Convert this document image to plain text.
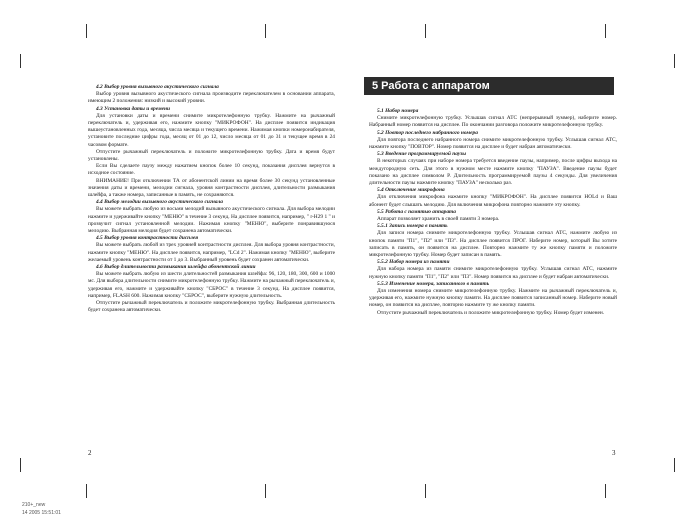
4.2 Выбор уровня вызывного акустического сигнала

Выбор уровня вызывного акустического сигнала производите переключателем в основании аппарата, имеющим 2 положения: низкий и высокий уровни.

4.3 Установка даты и времени

Для установки даты и времени снимите микротелефонную трубку. Нажмите на рычажный переключатель и, удерживая его, нажмите кнопку "МИКРОФОН". На дисплее появится индикация вышеустановленных года, месяца, числа месяца и текущего времени. Нажимая кнопки номеронабирателя, установите последние цифры года, месяц от 01 до 12, число месяца от 01 до 31 и текущее время в 24 часовом формате.

Отпустите рычажный переключатель и положите микротелефонную трубку. Дата и время будут установлены.

Если Вы сделаете паузу между нажатием кнопок более 10 секунд, показания дисплея вернутся в исходное состояние.

ВНИМАНИЕ! При отключении ТА от абонентской линии на время более 30 секунд установленные значения даты и времени, мелодии сигнала, уровня контрастности дисплея, длительности размыкания шлейфа, а также номера, записанные в память, не сохраняются.

4.4 Выбор мелодии вызывного акустического сигнала

Вы можете выбрать любую из восьми мелодий вызывного акустического сигнала. Для выбора мелодии нажмите и удерживайте кнопку "МЕНЮ" в течение 3 секунд. На дисплее появится, например, " r-H29 1 " и прозвучит сигнал установленной мелодии. Нажимая кнопку "МЕНЮ", выберите понравившуюся мелодию. Выбранная мелодия будет сохранена автоматически.

4.5 Выбор уровня контрастности дисплея

Вы можете выбрать любой из трех уровней контрастности дисплея. Для выбора уровня контрастности, нажмите кнопку "МЕНЮ". На дисплее появится, например, "LCd 2". Нажимая кнопку "МЕНЮ", выберите желаемый уровень контрастности от 1 до 3. Выбранный уровень будет сохранен автоматически.

4.6 Выбор длительности размыкания шлейфа абонентской линии

Вы можете выбрать любую из шести длительностей размыкания шлейфа: 96, 120, 180, 300, 600 и 1000 мс. Для выбора длительности снимите микротелефонную трубку. Нажмите на рычажный переключатель и, удерживая его, нажмите и удерживайте кнопку "СБРОС" в течение 3 секунд. На дисплее появится, например, FLASH 600. Нажимая кнопку "СБРОС", выберите нужную длительность.

Отпустите рычажный переключатель и положите микротелефонную трубку. Выбранная длительность будет сохранена автоматически.

5 Работа с аппаратом

5.1 Набор номера

Снимите микротелефонную трубку. Услышав сигнал АТС (непрерывный зуммер), наберите номер. Набранный номер появится на дисплее. По окончании разговора положите микротелефонную трубку.

5.2 Повтор последнего набранного номера

Для повтора последнего набранного номера снимите микротелефонную трубку. Услышав сигнал АТС, нажмите кнопку "ПОВТОР". Номер появится на дисплее и будет набран автоматически.

5.3 Введение программируемой паузы

В некоторых случаях при наборе номера требуется введение паузы, например, после цифры выхода на междугородную сеть. Для этого в нужном месте нажмите кнопку "ПАУЗА". Введение паузы будет показано на дисплее символом P. Длительность программируемой паузы 4 секунды. Для увеличения длительности паузы нажмите кнопку "ПАУЗА" несколько раз.

5.4 Отключение микрофона

Для отключения микрофона нажмите кнопку "МИКРОФОН". На дисплее появится HOLd и Ваш абонент будет слышать мелодию. Для включения микрофона повторно нажмите эту кнопку.

5.5 Работа с памятью аппарата

Аппарат позволяет хранить в своей памяти 3 номера.

5.5.1 Запись номера в память

Для записи номера снимите микротелефонную трубку. Услышав сигнал АТС, нажмите любую из кнопок памяти "П1", "П2" или "П3". На дисплее появится ПРОГ. Наберите номер, который Вы хотите записать в память, он появится на дисплее. Повторно нажмите ту же кнопку памяти и положите микротелефонную трубку. Номер будет записан в память.

5.5.2 Набор номера из памяти

Для набора номера из памяти снимите микротелефонную трубку. Услышав сигнал АТС, нажмите нужную кнопку памяти "П1", "П2" или "П3". Номер появится на дисплее и будет набран автоматически.

5.5.3 Изменение номера, записанного в память

Для изменения номера снимите микротелефонную трубку. Нажмите на рычажный переключатель и, удерживая его, нажмите нужную кнопку памяти. На дисплее появится записанный номер. Наберите новый номер, он появится на дисплее, повторно нажмите ту же кнопку памяти.

Отпустите рычажный переключатель и положите микротелефонную трубку. Номер будет изменен.

2	3
210+_new
14 2005 15:51:01
